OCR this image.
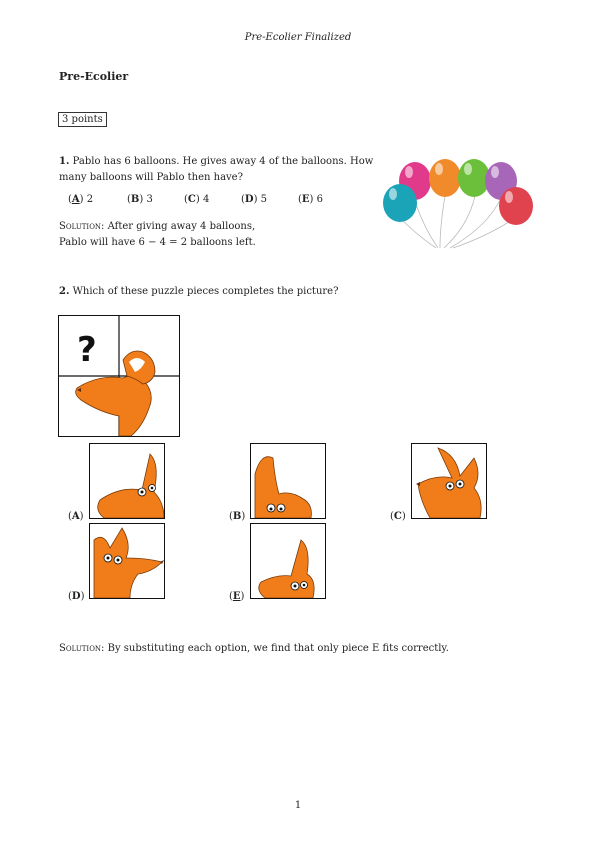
Pre-Ecolier Finalized
Pre-Ecolier
3 points
1. Pablo has 6 balloons. He gives away 4 of the balloons. How
many balloons will Pablo then have?
(A) 2	(B) 3	(C) 4	(D) 5	(E) 6
Solution: After giving away 4 balloons,
Pablo will have 6 − 4 = 2 balloons left.
2. Which of these puzzle pieces completes the picture?
?
(A)	(B)	(C)
(D)	(E)
Solution: By substituting each option, we find that only piece E fits correctly.
1
